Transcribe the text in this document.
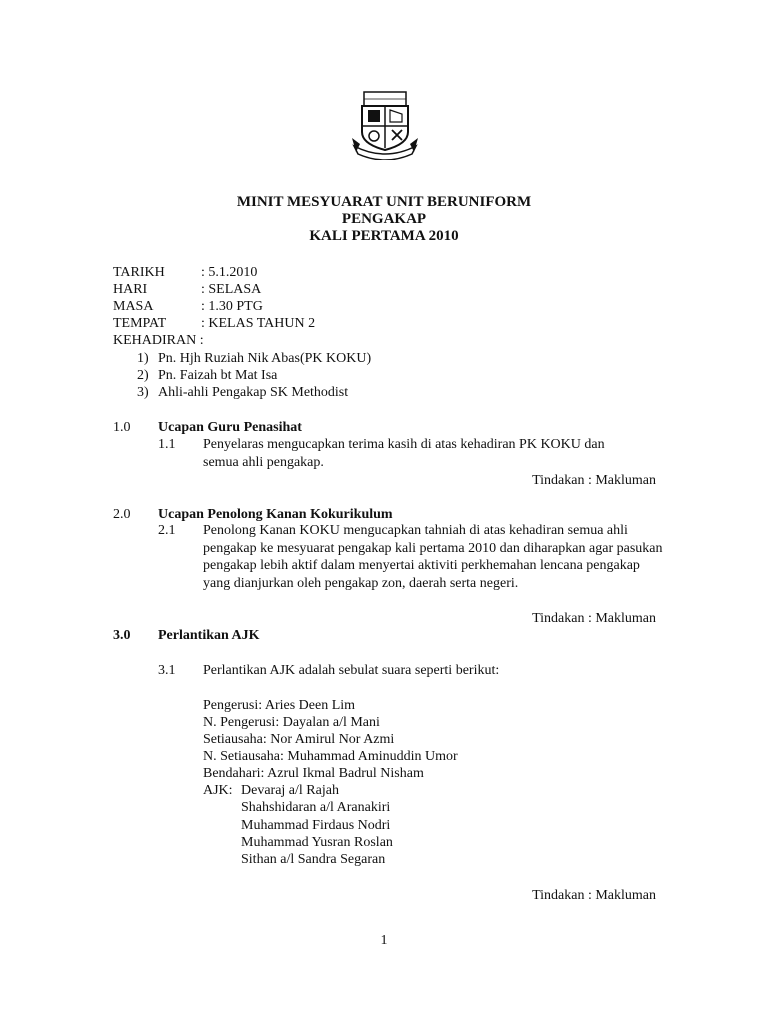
MINIT MESYUARAT UNIT BERUNIFORM
PENGAKAP
KALI PERTAMA 2010
TARIKH	: 5.1.2010
HARI	: SELASA
MASA	: 1.30 PTG
TEMPAT : KELAS TAHUN 2
KEHADIRAN :
1) Pn. Hjh Ruziah Nik Abas(PK KOKU)
2) Pn. Faizah bt Mat Isa
3) Ahli-ahli Pengakap SK Methodist
1.0 Ucapan Guru Penasihat
1.1 Penyelaras mengucapkan terima kasih di atas kehadiran PK KOKU dan semua ahli pengakap.
Tindakan : Makluman
2.0 Ucapan Penolong Kanan Kokurikulum
2.1 Penolong Kanan KOKU mengucapkan tahniah di atas kehadiran semua ahli pengakap ke mesyuarat pengakap kali pertama 2010 dan diharapkan agar pasukan pengakap lebih aktif dalam menyertai aktiviti perkhemahan lencana pengakap yang dianjurkan oleh pengakap zon, daerah serta negeri.
Tindakan : Makluman
3.0 Perlantikan AJK
3.1 Perlantikan AJK adalah sebulat suara seperti berikut:
Pengerusi: Aries Deen Lim
N. Pengerusi: Dayalan a/l Mani
Setiausaha: Nor Amirul Nor Azmi
N. Setiausaha: Muhammad Aminuddin Umor
Bendahari: Azrul Ikmal Badrul Nisham
AJK: Devaraj a/l Rajah
Shahshidaran a/l Aranakiri
Muhammad Firdaus Nodri
Muhammad Yusran Roslan
Sithan a/l Sandra Segaran
Tindakan : Makluman
1
